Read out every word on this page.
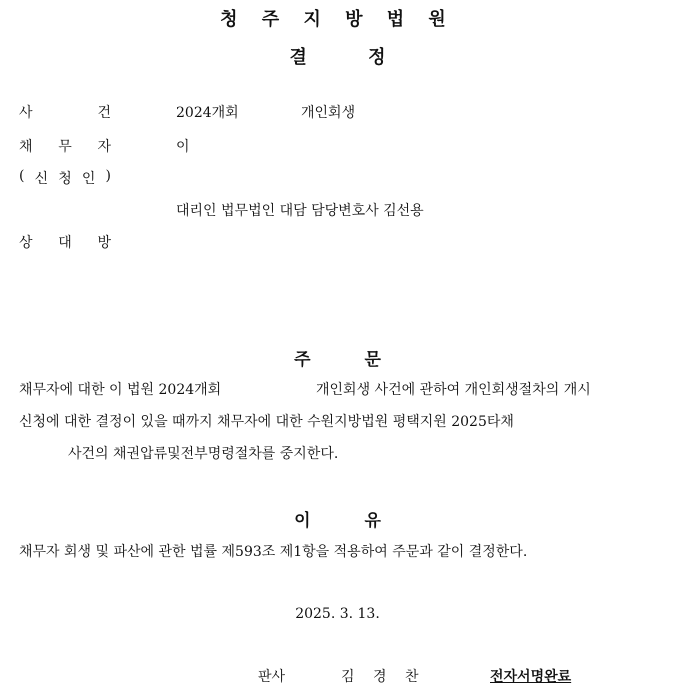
청 주 지 방 법 원
결 정
사	건	2024개회	개인회생
채 무 자	이
( 신 청 인 )
대리인 법무법인 대담 담당변호사 김선용
상 대 방
주 문
채무자에 대한 이 법원 2024개회	개인회생 사건에 관하여 개인회생절차의 개시
신청에 대한 결정이 있을 때까지 채무자에 대한 수원지방법원 평택지원 2025타채
사건의 채권압류및전부명령절차를 중지한다.
이 유
채무자 회생 및 파산에 관한 법률 제593조 제1항을 적용하여 주문과 같이 결정한다.
2025. 3. 13.
판사	김 경 찬	전자서명완료
